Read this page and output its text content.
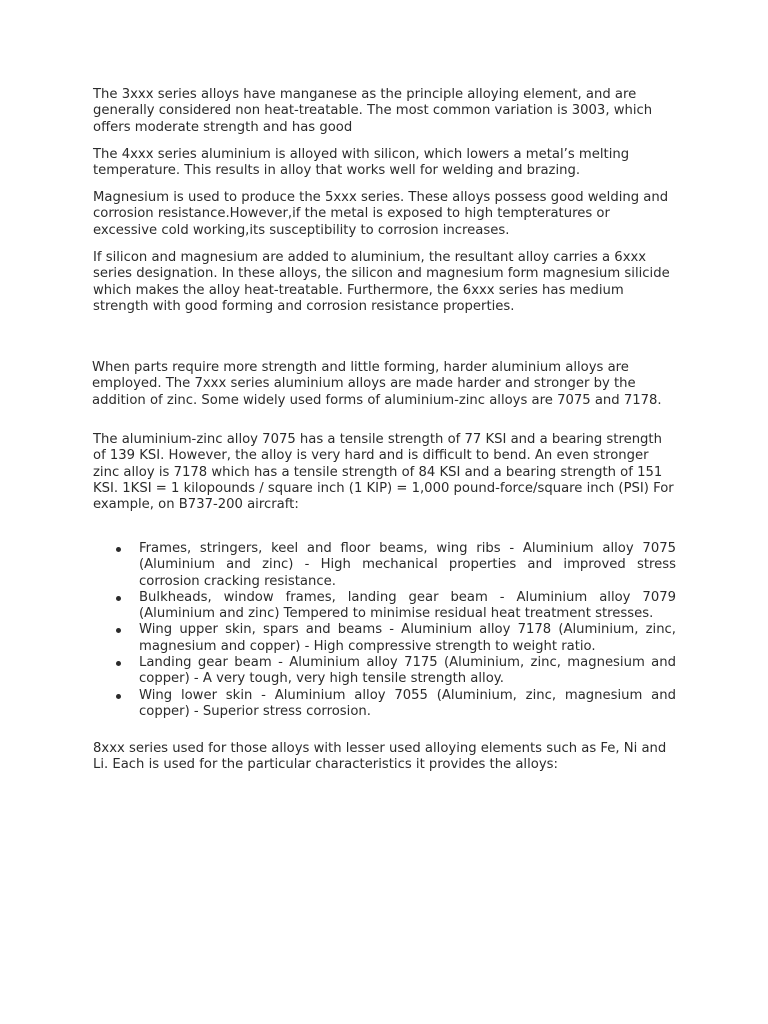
The 3xxx series alloys have manganese as the principle alloying element, and are generally considered non heat-treatable. The most common variation is 3003, which offers moderate strength and has good

The 4xxx series aluminium is alloyed with silicon, which lowers a metal’s melting temperature. This results in alloy that works well for welding and brazing.

Magnesium is used to produce the 5xxx series. These alloys possess good welding and corrosion resistance.However,if the metal is exposed to high tempteratures or excessive cold working,its susceptibility to corrosion increases.

If silicon and magnesium are added to aluminium, the resultant alloy carries a 6xxx series designation. In these alloys, the silicon and magnesium form magnesium silicide which makes the alloy heat-treatable. Furthermore, the 6xxx series has medium strength with good forming and corrosion resistance properties.

When parts require more strength and little forming, harder aluminium alloys are employed. The 7xxx series aluminium alloys are made harder and stronger by the addition of zinc. Some widely used forms of aluminium-zinc alloys are 7075 and 7178.

The aluminium-zinc alloy 7075 has a tensile strength of 77 KSI and a bearing strength of 139 KSI. However, the alloy is very hard and is difficult to bend. An even stronger zinc alloy is 7178 which has a tensile strength of 84 KSI and a bearing strength of 151 KSI. 1KSI = 1 kilopounds / square inch (1 KIP) = 1,000 pound-force/square inch (PSI) For example, on B737-200 aircraft:

Frames, stringers, keel and floor beams, wing ribs - Aluminium alloy 7075 (Aluminium and zinc) - High mechanical properties and improved stress corrosion cracking resistance.
Bulkheads, window frames, landing gear beam - Aluminium alloy 7079 (Aluminium and zinc) Tempered to minimise residual heat treatment stresses.
Wing upper skin, spars and beams - Aluminium alloy 7178 (Aluminium, zinc, magnesium and copper) - High compressive strength to weight ratio.
Landing gear beam - Aluminium alloy 7175 (Aluminium, zinc, magnesium and copper) - A very tough, very high tensile strength alloy.
Wing lower skin - Aluminium alloy 7055 (Aluminium, zinc, magnesium and copper) - Superior stress corrosion.

8xxx series used for those alloys with lesser used alloying elements such as Fe, Ni and Li. Each is used for the particular characteristics it provides the alloys:
